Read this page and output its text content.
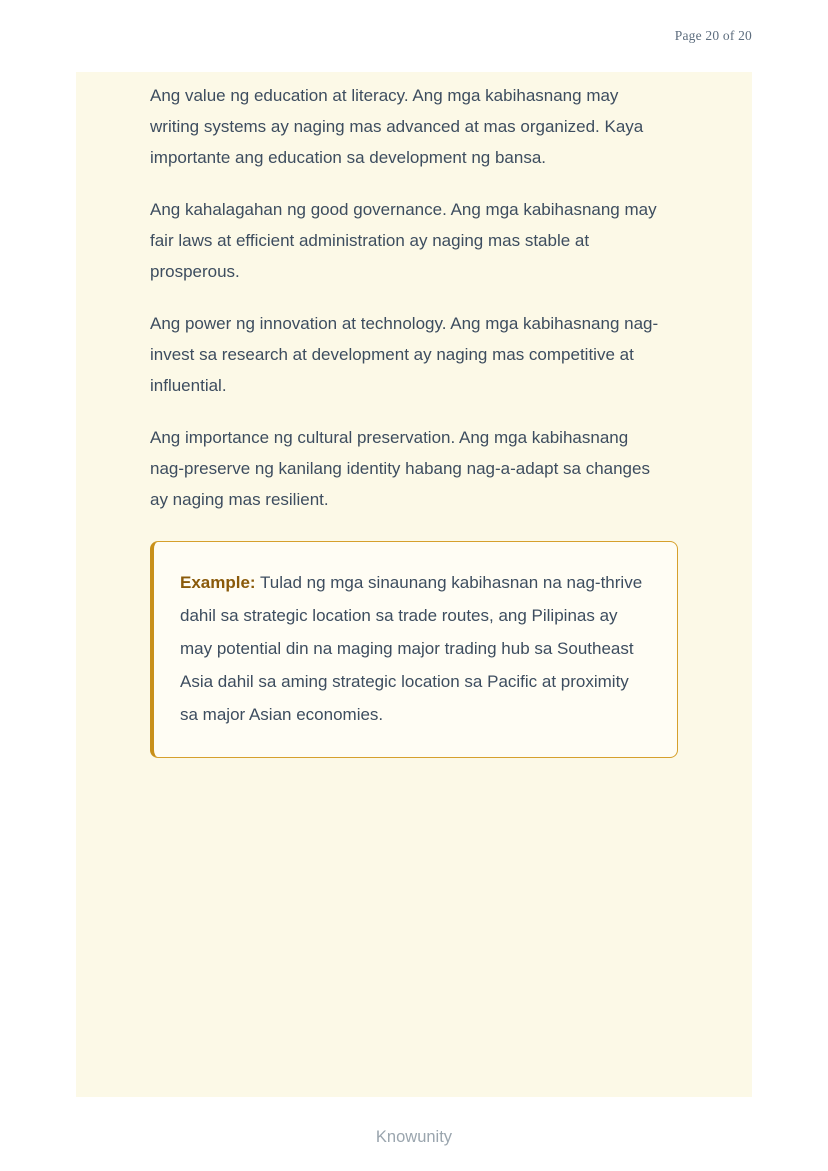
Page 20 of 20

Ang value ng education at literacy. Ang mga kabihasnang may writing systems ay naging mas advanced at mas organized. Kaya importante ang education sa development ng bansa.

Ang kahalagahan ng good governance. Ang mga kabihasnang may fair laws at efficient administration ay naging mas stable at prosperous.

Ang power ng innovation at technology. Ang mga kabihasnang nag-invest sa research at development ay naging mas competitive at influential.

Ang importance ng cultural preservation. Ang mga kabihasnang nag-preserve ng kanilang identity habang nag-a-adapt sa changes ay naging mas resilient.

Example: Tulad ng mga sinaunang kabihasnan na nag-thrive dahil sa strategic location sa trade routes, ang Pilipinas ay may potential din na maging major trading hub sa Southeast Asia dahil sa aming strategic location sa Pacific at proximity sa major Asian economies.

Knowunity
